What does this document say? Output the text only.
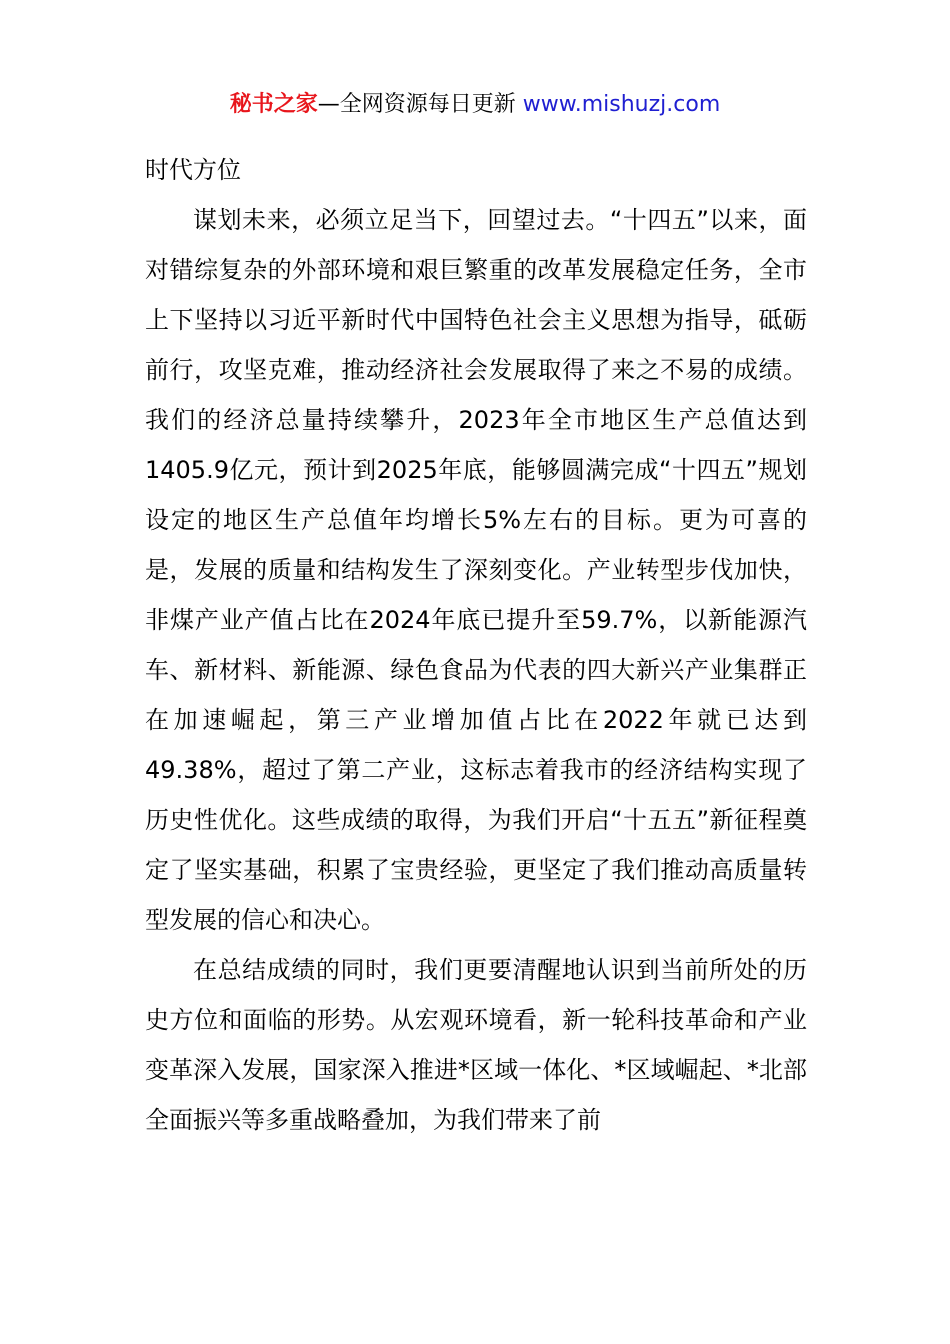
秘书之家—全网资源每日更新 www.mishuzj.com

时代方位

谋划未来，必须立足当下，回望过去。“十四五”以来，面对错综复杂的外部环境和艰巨繁重的改革发展稳定任务，全市上下坚持以习近平新时代中国特色社会主义思想为指导，砥砺前行，攻坚克难，推动经济社会发展取得了来之不易的成绩。我们的经济总量持续攀升，2023年全市地区生产总值达到1405.9亿元，预计到2025年底，能够圆满完成“十四五”规划设定的地区生产总值年均增长5%左右的目标。更为可喜的是，发展的质量和结构发生了深刻变化。产业转型步伐加快，非煤产业产值占比在2024年底已提升至59.7%，以新能源汽车、新材料、新能源、绿色食品为代表的四大新兴产业集群正在加速崛起，第三产业增加值占比在2022年就已达到49.38%，超过了第二产业，这标志着我市的经济结构实现了历史性优化。这些成绩的取得，为我们开启“十五五”新征程奠定了坚实基础，积累了宝贵经验，更坚定了我们推动高质量转型发展的信心和决心。

在总结成绩的同时，我们更要清醒地认识到当前所处的历史方位和面临的形势。从宏观环境看，新一轮科技革命和产业变革深入发展，国家深入推进*区域一体化、*区域崛起、*北部全面振兴等多重战略叠加，为我们带来了前
